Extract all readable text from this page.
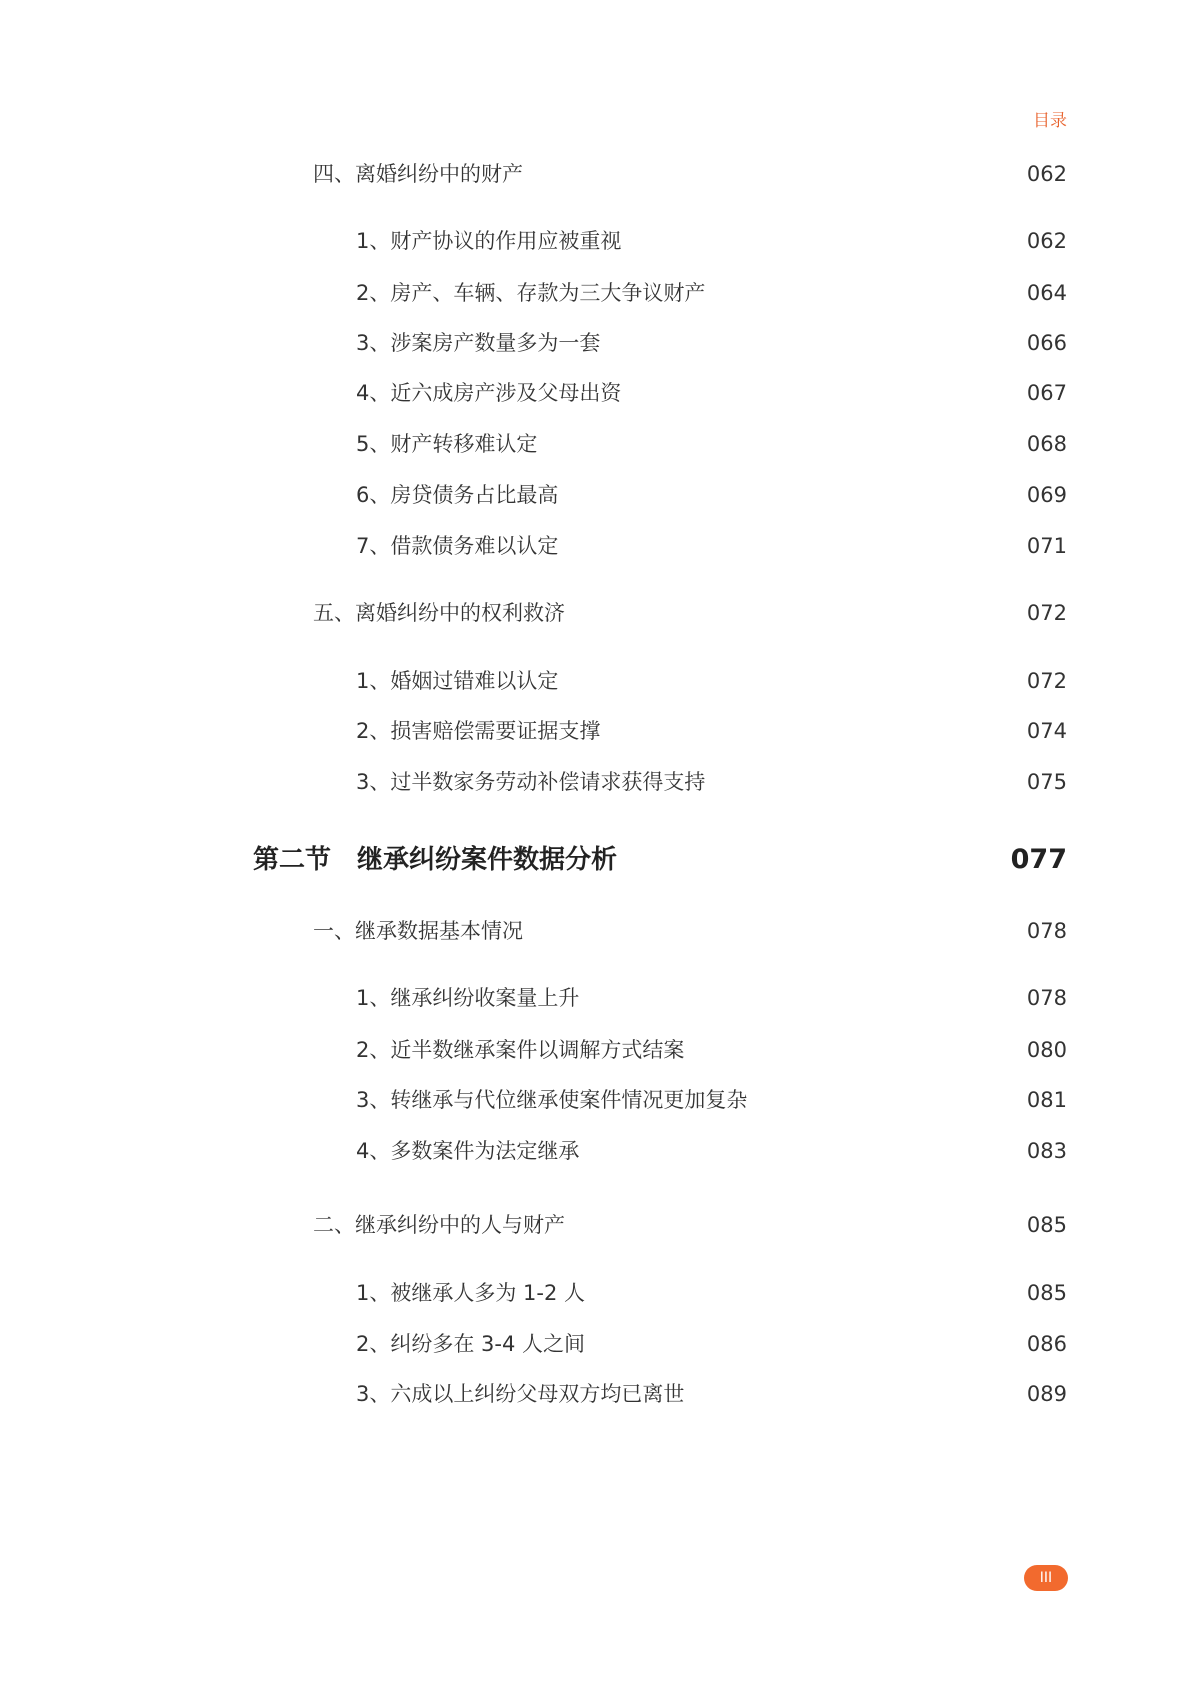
目录
四、离婚纠纷中的财产	062
1、财产协议的作用应被重视	062
2、房产、车辆、存款为三大争议财产	064
3、涉案房产数量多为一套	066
4、近六成房产涉及父母出资	067
5、财产转移难认定	068
6、房贷债务占比最高	069
7、借款债务难以认定	071
五、离婚纠纷中的权利救济	072
1、婚姻过错难以认定	072
2、损害赔偿需要证据支撑	074
3、过半数家务劳动补偿请求获得支持	075
第二节　继承纠纷案件数据分析	077
一、继承数据基本情况	078
1、继承纠纷收案量上升	078
2、近半数继承案件以调解方式结案	080
3、转继承与代位继承使案件情况更加复杂	081
4、多数案件为法定继承	083
二、继承纠纷中的人与财产	085
1、被继承人多为 1-2 人	085
2、纠纷多在 3-4 人之间	086
3、六成以上纠纷父母双方均已离世	089
III
